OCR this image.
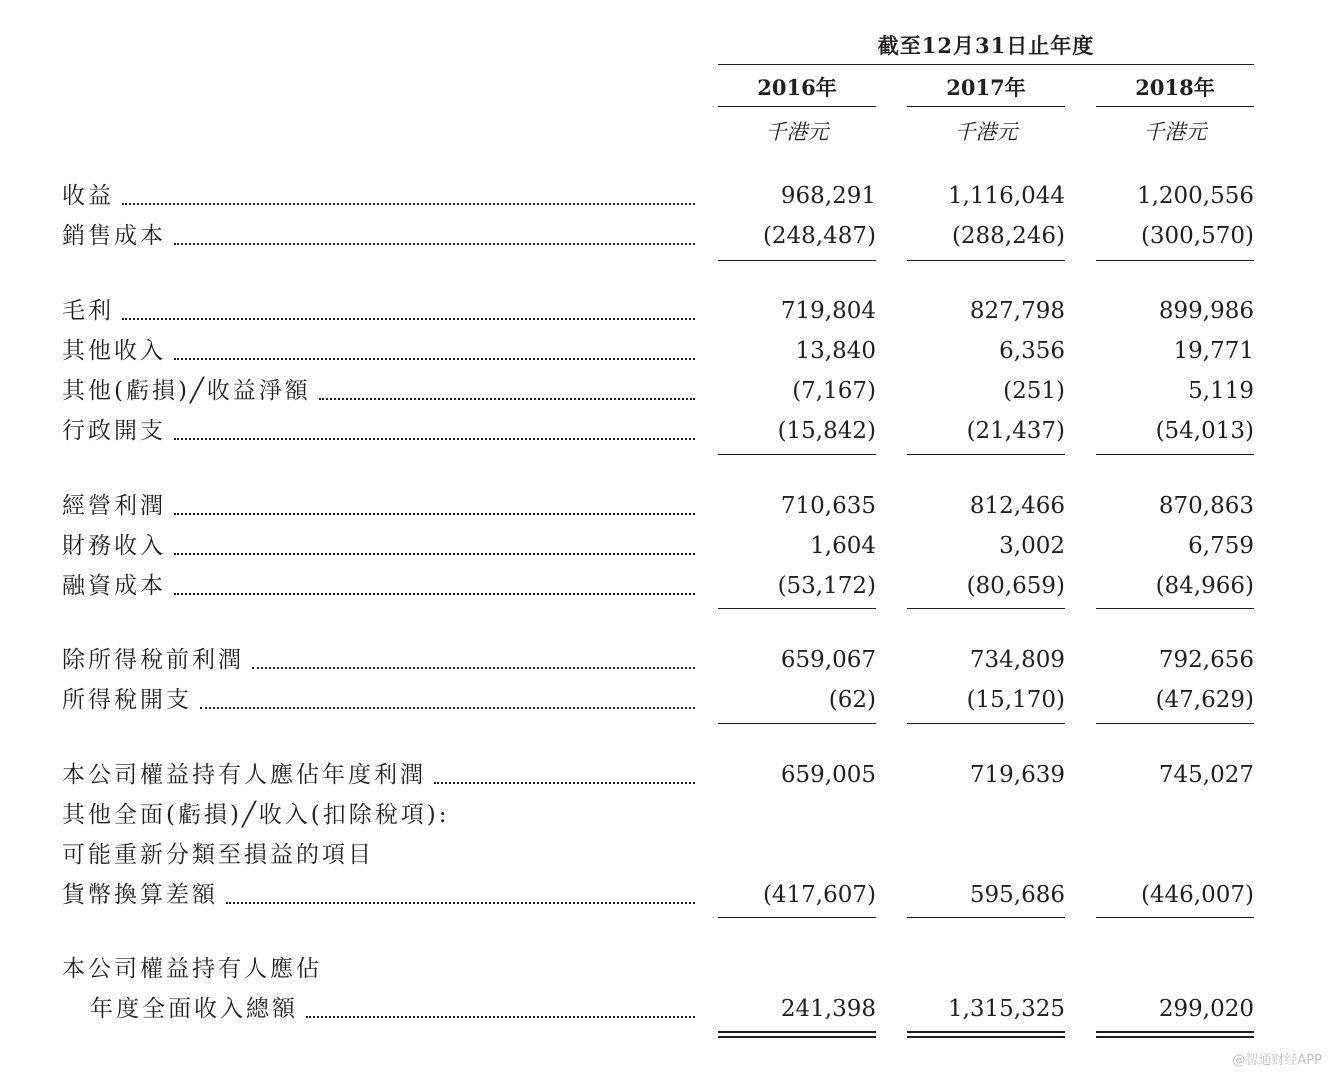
截至12月31日止年度
2016年	2017年	2018年
千港元	千港元	千港元
收益	968,291	1,116,044	1,200,556
銷售成本	(248,487)	(288,246)	(300,570)
毛利	719,804	827,798	899,986
其他收入	13,840	6,356	19,771
其他(虧損)╱收益淨額	(7,167)	(251)	5,119
行政開支	(15,842)	(21,437)	(54,013)
經營利潤	710,635	812,466	870,863
財務收入	1,604	3,002	6,759
融資成本	(53,172)	(80,659)	(84,966)
除所得稅前利潤	659,067	734,809	792,656
所得稅開支	(62)	(15,170)	(47,629)
本公司權益持有人應佔年度利潤	659,005	719,639	745,027
其他全面(虧損)╱收入(扣除稅項):
可能重新分類至損益的項目
貨幣換算差額	(417,607)	595,686	(446,007)
本公司權益持有人應佔
年度全面收入總額	241,398	1,315,325	299,020
@智通财经APP
